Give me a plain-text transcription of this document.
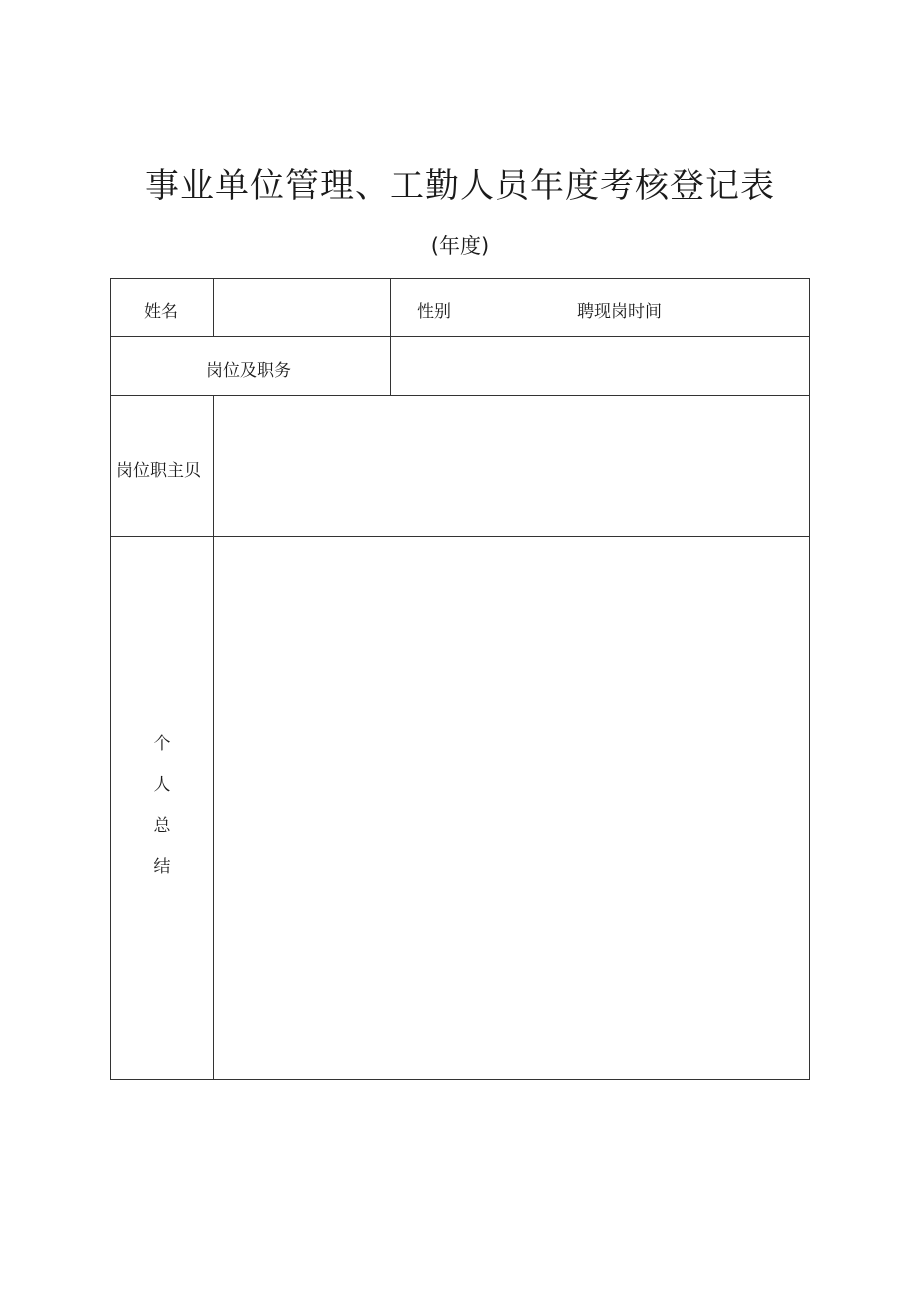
事业单位管理、工勤人员年度考核登记表
(年度)
姓名	性别	聘现岗时间
岗位及职务
岗位职主贝
个
人
总
结
